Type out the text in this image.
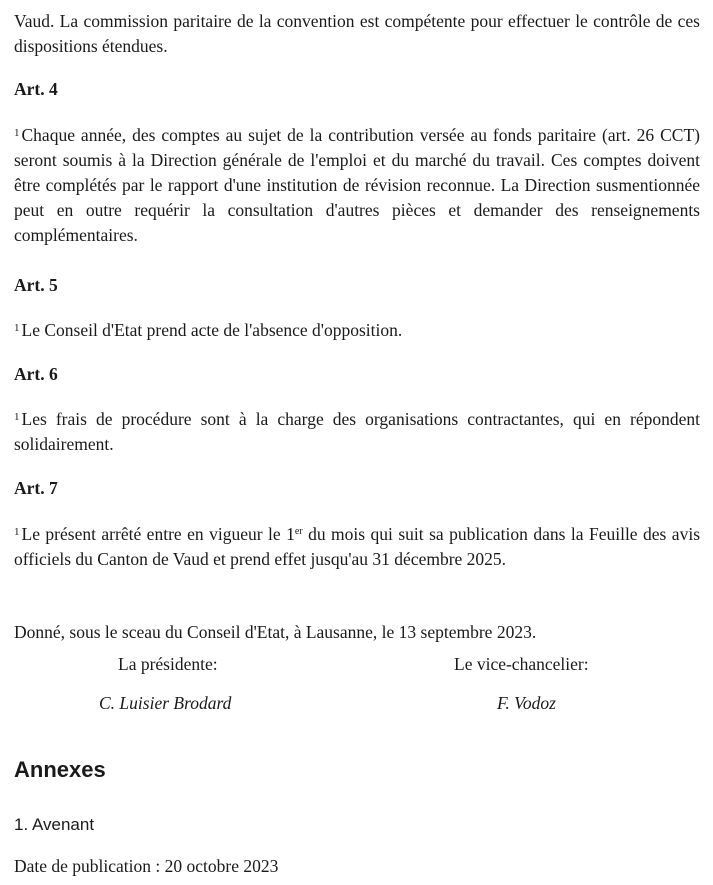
Vaud. La commission paritaire de la convention est compétente pour effectuer le contrôle de ces dispositions étendues.

Art. 4

$^1$ Chaque année, des comptes au sujet de la contribution versée au fonds paritaire (art. 26 CCT) seront soumis à la Direction générale de l'emploi et du marché du travail. Ces comptes doivent être complétés par le rapport d'une institution de révision reconnue. La Direction susmentionnée peut en outre requérir la consultation d'autres pièces et demander des renseignements complémentaires.

Art. 5

$^1$ Le Conseil d'Etat prend acte de l'absence d'opposition.

Art. 6

$^1$ Les frais de procédure sont à la charge des organisations contractantes, qui en répondent solidairement.

Art. 7

$^1$ Le présent arrêté entre en vigueur le 1er du mois qui suit sa publication dans la Feuille des avis officiels du Canton de Vaud et prend effet jusqu'au 31 décembre 2025.

Donné, sous le sceau du Conseil d'Etat, à Lausanne, le 13 septembre 2023.

La présidente:	Le vice-chancelier:
C. Luisier Brodard	F. Vodoz
Annexes
1. Avenant
Date de publication : 20 octobre 2023
